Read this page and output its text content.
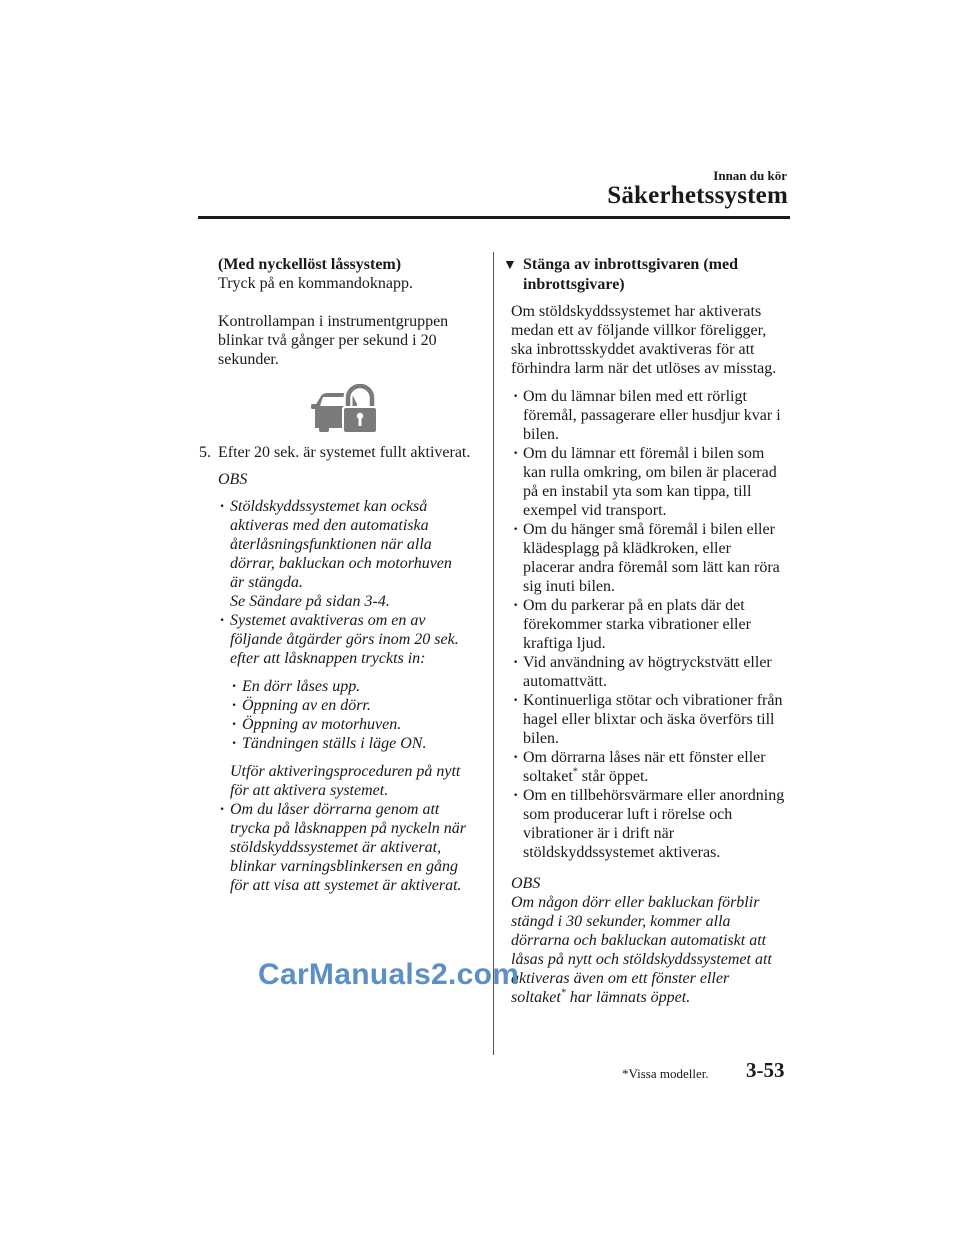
Innan du kör
Säkerhetssystem

(Med nyckellöst låssystem)

Tryck på en kommandoknapp.

Kontrollampan i instrumentgruppen

blinkar två gånger per sekund i 20

sekunder.

5. Efter 20 sek. är systemet fullt aktiverat.

OBS

· Stöldskyddssystemet kan också
aktiveras med den automatiska
återlåsningsfunktionen när alla
dörrar, bakluckan och motorhuven
är stängda.
Se Sändare på sidan 3-4.
· Systemet avaktiveras om en av
följande åtgärder görs inom 20 sek.
efter att låsknappen tryckts in:
· En dörr låses upp.
· Öppning av en dörr.
· Öppning av motorhuven.
· Tändningen ställs i läge ON.
Utför aktiveringsproceduren på nytt
för att aktivera systemet.
· Om du låser dörrarna genom att
trycka på låsknappen på nyckeln när
stöldskyddssystemet är aktiverat,
blinkar varningsblinkersen en gång
för att visa att systemet är aktiverat.

▼ Stänga av inbrottsgivaren (med

inbrottsgivare)

Om stöldskyddssystemet har aktiverats

medan ett av följande villkor föreligger,

ska inbrottsskyddet avaktiveras för att

förhindra larm när det utlöses av misstag.

· Om du lämnar bilen med ett rörligt
föremål, passagerare eller husdjur kvar i
bilen.
· Om du lämnar ett föremål i bilen som
kan rulla omkring, om bilen är placerad
på en instabil yta som kan tippa, till
exempel vid transport.
· Om du hänger små föremål i bilen eller
klädesplagg på klädkroken, eller
placerar andra föremål som lätt kan röra
sig inuti bilen.
· Om du parkerar på en plats där det
förekommer starka vibrationer eller
kraftiga ljud.
· Vid användning av högtryckstvätt eller
automattvätt.
· Kontinuerliga stötar och vibrationer från
hagel eller blixtar och äska överförs till
bilen.
· Om dörrarna låses när ett fönster eller
soltaket* står öppet.
· Om en tillbehörsvärmare eller anordning
som producerar luft i rörelse och
vibrationer är i drift när
stöldskyddssystemet aktiveras.

OBS

Om någon dörr eller bakluckan förblir
stängd i 30 sekunder, kommer alla
dörrarna och bakluckan automatiskt att
låsas på nytt och stöldskyddssystemet att
aktiveras även om ett fönster eller
soltaket* har lämnats öppet.
CarManuals2.com
*Vissa modeller. 3-53
